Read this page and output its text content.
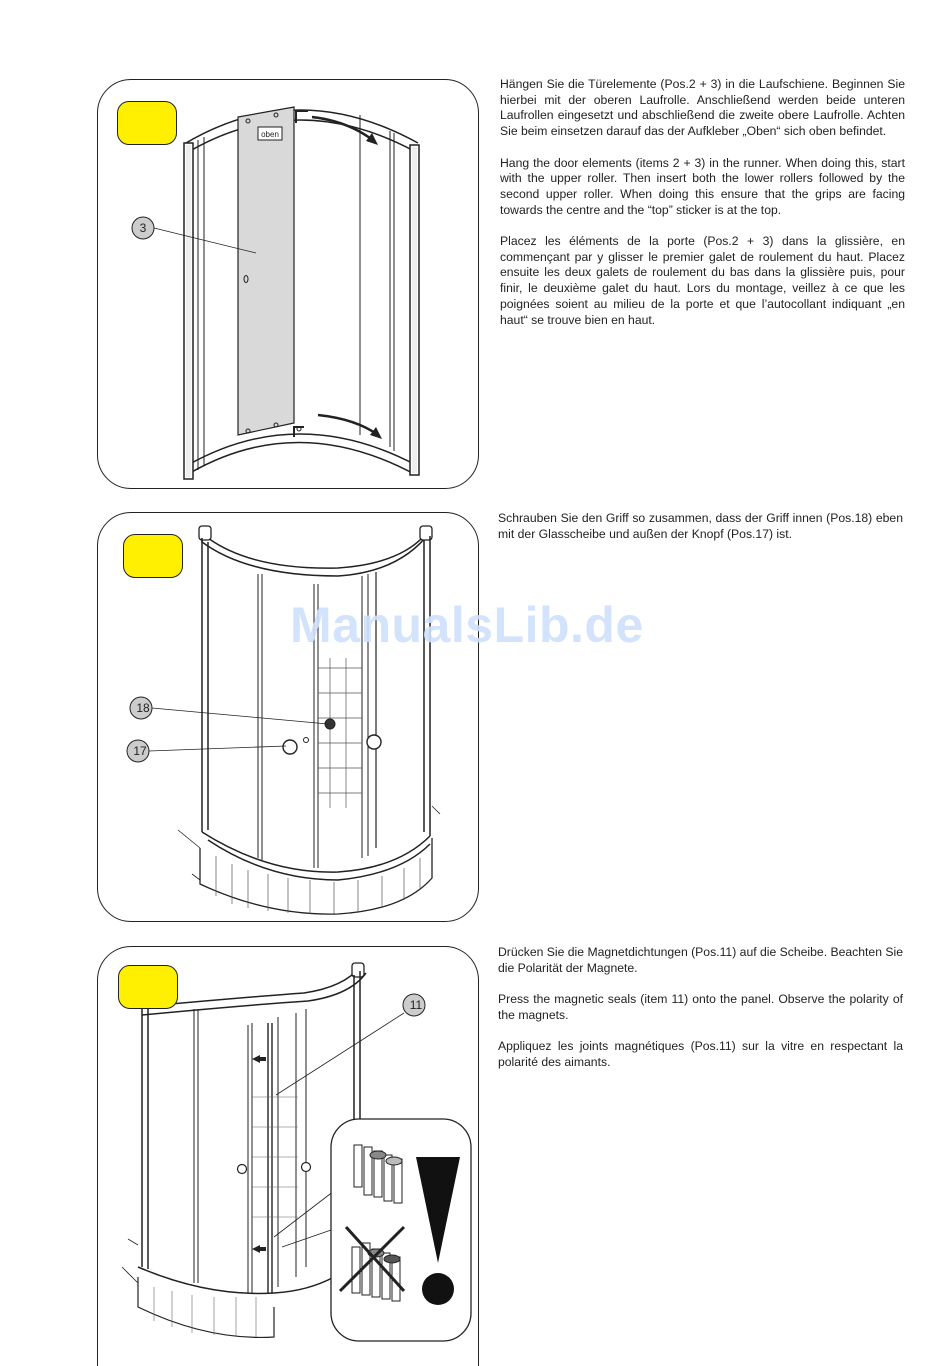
oben
3

Hängen Sie die Türelemente (Pos.2 + 3) in die Laufschiene. Beginnen Sie hierbei mit der oberen Laufrolle. Anschließend werden beide unteren Laufrollen eingesetzt und abschließend die zweite obere Laufrolle. Achten Sie beim einsetzen darauf das der Aufkleber „Oben“ sich oben befindet.

Hang the door elements (items 2 + 3) in the runner. When doing this, start with the upper roller. Then insert both the lower rollers followed by the second upper roller. When doing this ensure that the grips are facing towards the centre and the “top” sticker is at the top.

Placez les éléments de la porte (Pos.2 + 3) dans la glissière, en commençant par y glisser le premier galet de roulement du haut. Placez ensuite les deux galets de roulement du bas dans la glissière puis, pour finir, le deuxième galet du haut. Lors du montage, veillez à ce que les poignées soient au milieu de la porte et que l’autocollant indiquant „en haut“ se trouve bien en haut.

18
17

Schrauben Sie den Griff so zusammen, dass der Griff innen (Pos.18) eben mit der Glasscheibe und außen der Knopf (Pos.17) ist.

ManualsLib.de
11

Drücken Sie die Magnetdichtungen (Pos.11) auf die Scheibe. Beachten Sie die Polarität der Magnete.

Press the magnetic seals (item 11) onto the panel. Observe the polarity of the magnets.

Appliquez les joints magnétiques (Pos.11) sur la vitre en respectant la polarité des aimants.
